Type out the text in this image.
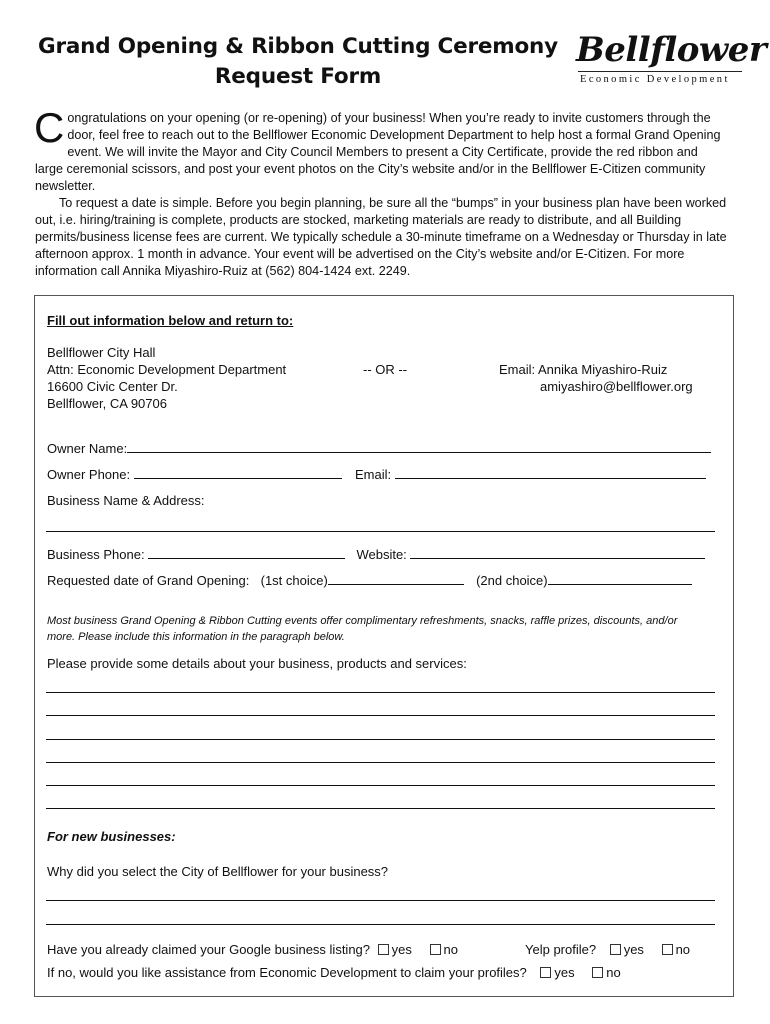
Grand Opening & Ribbon Cutting Ceremony
Request Form
Bellflower
Economic Development

Congratulations on your opening (or re-opening) of your business! When you’re ready to invite customers through the door, feel free to reach out to the Bellflower Economic Development Department to help host a formal Grand Opening event. We will invite the Mayor and City Council Members to present a City Certificate, provide the red ribbon and large ceremonial scissors, and post your event photos on the City’s website and/or in the Bellflower E-Citizen community newsletter.

To request a date is simple. Before you begin planning, be sure all the “bumps” in your business plan have been worked out, i.e. hiring/training is complete, products are stocked, marketing materials are ready to distribute, and all Building permits/business license fees are current. We typically schedule a 30-minute timeframe on a Wednesday or Thursday in late afternoon approx. 1 month in advance. Your event will be advertised on the City’s website and/or E-Citizen. For more information call Annika Miyashiro-Ruiz at (562) 804-1424 ext. 2249.

Fill out information below and return to:
Bellflower City Hall
Attn: Economic Development Department
16600 Civic Center Dr.
Bellflower, CA 90706
-- OR --	Email: Annika Miyashiro-Ruiz
amiyashiro@bellflower.org
Owner Name:
Owner Phone:	Email:
Business Name & Address:
Business Phone:	Website:
Requested date of Grand Opening: (1st choice)	(2nd choice)
Most business Grand Opening & Ribbon Cutting events offer complimentary refreshments, snacks, raffle prizes, discounts, and/or more. Please include this information in the paragraph below.
Please provide some details about your business, products and services:
For new businesses:
Why did you select the City of Bellflower for your business?
Have you already claimed your Google business listing? yes no	Yelp profile? yes no
If no, would you like assistance from Economic Development to claim your profiles? yes no
